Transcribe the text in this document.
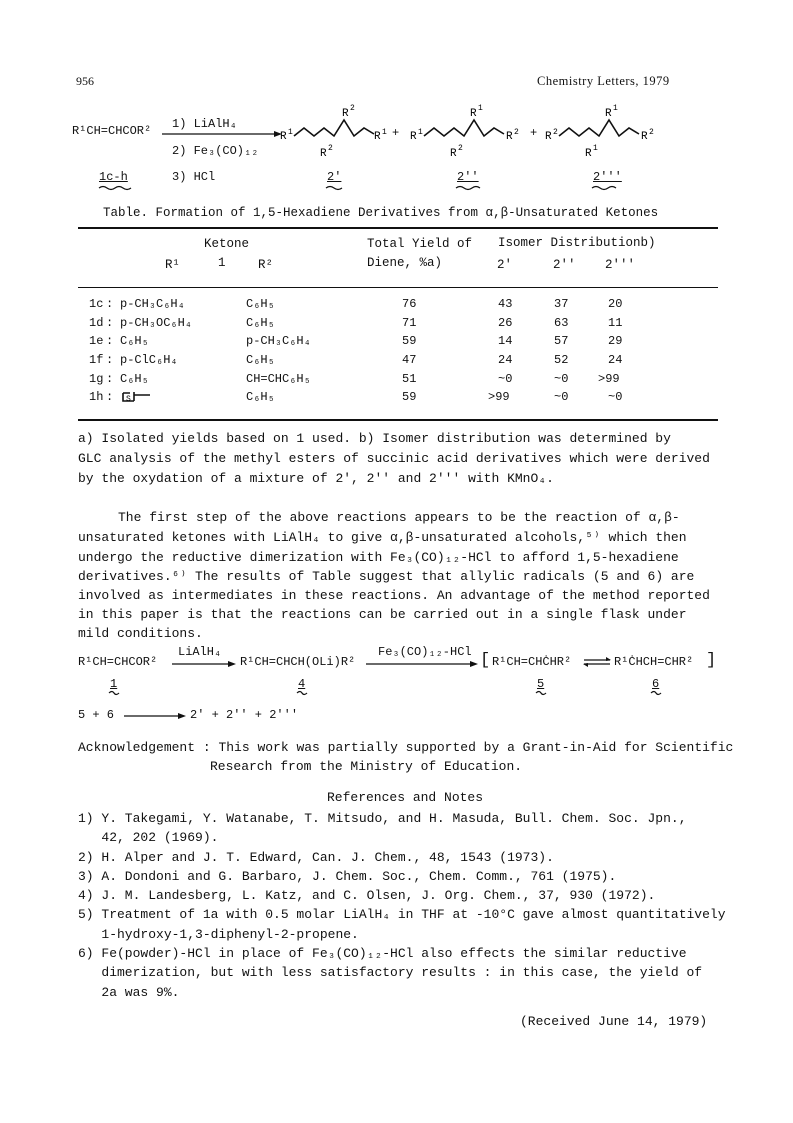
956	Chemistry Letters, 1979
R¹CH=CHCOR² 1) LiAlH₄
2) Fe₃(CO)₁₂
3) HCl
1c-h
R 1
R 2
R 1
R 2
+ R 1
R 1
R 2
R 2
+ R 2
R 1
R 2
R 1
2'	2''	2'''
Table. Formation of 1,5-Hexadiene Derivatives from α,β-Unsaturated Ketones
Ketone	Total Yield of Isomer Distributionb)
R¹	1	R²	Diene, %a)	2'	2'' 2'''
1c : p-CH₃C₆H₄	C₆H₅	76	43	37	20
1d : p-CH₃OC₆H₄	C₆H₅	71	26	63	11
1e : C₆H₅	p-CH₃C₆H₄	59	14	57	29
1f : p-ClC₆H₄	C₆H₅	47	24	52	24
1g : C₆H₅	CH=CHC₆H₅	51	~0	~0 >99
1h : S	C₆H₅	59	>99	~0	~0
a) Isolated yields based on 1 used. b) Isomer distribution was determined by
GLC analysis of the methyl esters of succinic acid derivatives which were derived
by the oxydation of a mixture of 2', 2'' and 2''' with KMnO₄.
The first step of the above reactions appears to be the reaction of α,β-
unsaturated ketones with LiAlH₄ to give α,β-unsaturated alcohols,⁵⁾ which then
undergo the reductive dimerization with Fe₃(CO)₁₂-HCl to afford 1,5-hexadiene
derivatives.⁶⁾ The results of Table suggest that allylic radicals (5 and 6) are
involved as intermediates in these reactions. An advantage of the method reported
in this paper is that the reactions can be carried out in a single flask under
mild conditions.
R¹CH=CHCOR²
LiAlH₄
→ R¹CH=CHCH(OLi)R²
Fe₃(CO)₁₂-HCl [ R¹CH=CHĊHR² ⇌ R¹ĊHCH=CHR² ]
1	4	5	6
5 + 6 → 2' + 2'' + 2'''
Acknowledgement : This work was partially supported by a Grant-in-Aid for Scientific
Research from the Ministry of Education.
References and Notes
1) Y. Takegami, Y. Watanabe, T. Mitsudo, and H. Masuda, Bull. Chem. Soc. Jpn.,
42, 202 (1969).
2) H. Alper and J. T. Edward, Can. J. Chem., 48, 1543 (1973).
3) A. Dondoni and G. Barbaro, J. Chem. Soc., Chem. Comm., 761 (1975).
4) J. M. Landesberg, L. Katz, and C. Olsen, J. Org. Chem., 37, 930 (1972).
5) Treatment of 1a with 0.5 molar LiAlH₄ in THF at -10°C gave almost quantitatively
1-hydroxy-1,3-diphenyl-2-propene.
6) Fe(powder)-HCl in place of Fe₃(CO)₁₂-HCl also effects the similar reductive
dimerization, but with less satisfactory results : in this case, the yield of
2a was 9%.
(Received June 14, 1979)
